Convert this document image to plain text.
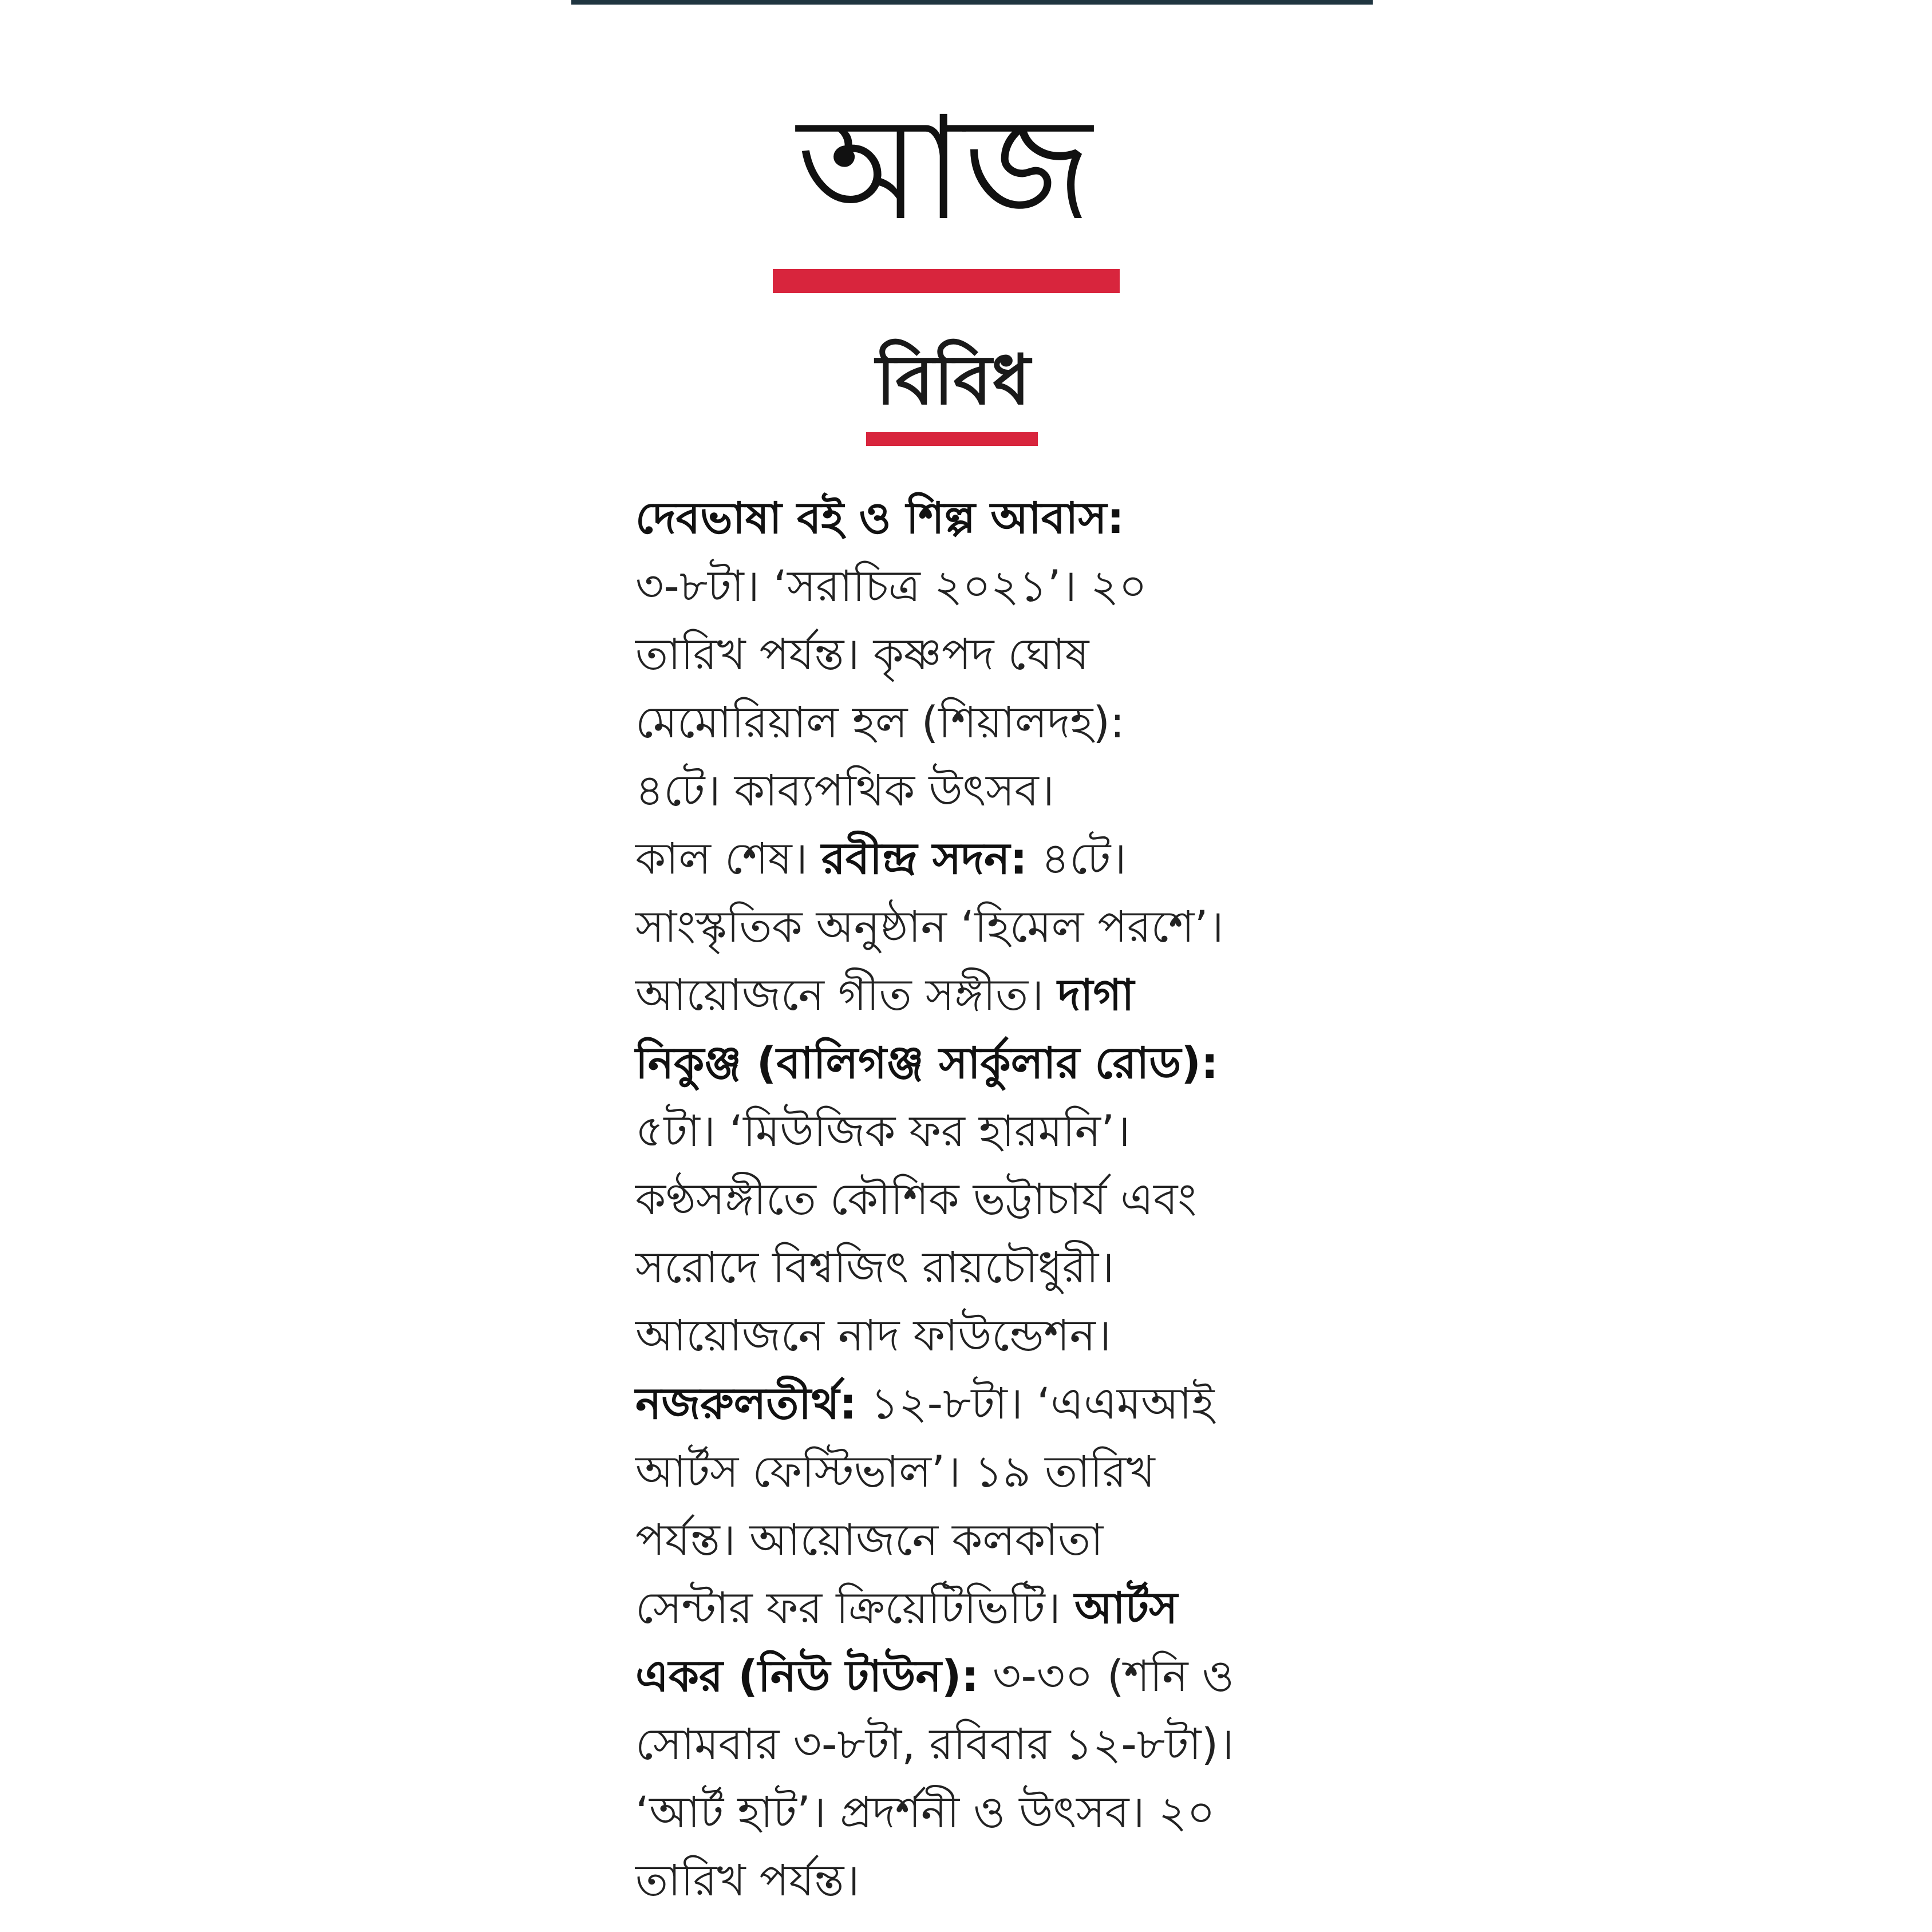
আজ
বিবিধ
দেবভাষা বই ও শিল্প আবাস:
৩-৮টা। ‘সরাচিত্র ২০২১’। ২০
তারিখ পর্যন্ত। কৃষ্ণপদ ঘোষ
মেমোরিয়াল হল (শিয়ালদহ):
৪টে। কাব্যপথিক উৎসব।
কাল শেষ। রবীন্দ্র সদন: ৪টে।
সাংস্কৃতিক অনুষ্ঠান ‘হিমেল পরশে’।
আয়োজনে গীত সঙ্গীত। দাগা
নিকুঞ্জ (বালিগঞ্জ সার্কুলার রোড):
৫টা। ‘মিউজিক ফর হারমনি’।
কণ্ঠসঙ্গীতে কৌশিক ভট্টাচার্য এবং
সরোদে বিশ্বজিৎ রায়চৌধুরী।
আয়োজনে নাদ ফাউন্ডেশন।
নজরুলতীর্থ: ১২-৮টা। ‘এএমআই
আর্টস ফেস্টিভাল’। ১৯ তারিখ
পর্যন্ত। আয়োজনে কলকাতা
সেন্টার ফর ক্রিয়েটিভিটি। আর্টস
একর (নিউ টাউন): ৩-৩০ (শনি ও
সোমবার ৩-৮টা, রবিবার ১২-৮টা)।
‘আর্ট হাট’। প্রদর্শনী ও উৎসব। ২০
তারিখ পর্যন্ত।
